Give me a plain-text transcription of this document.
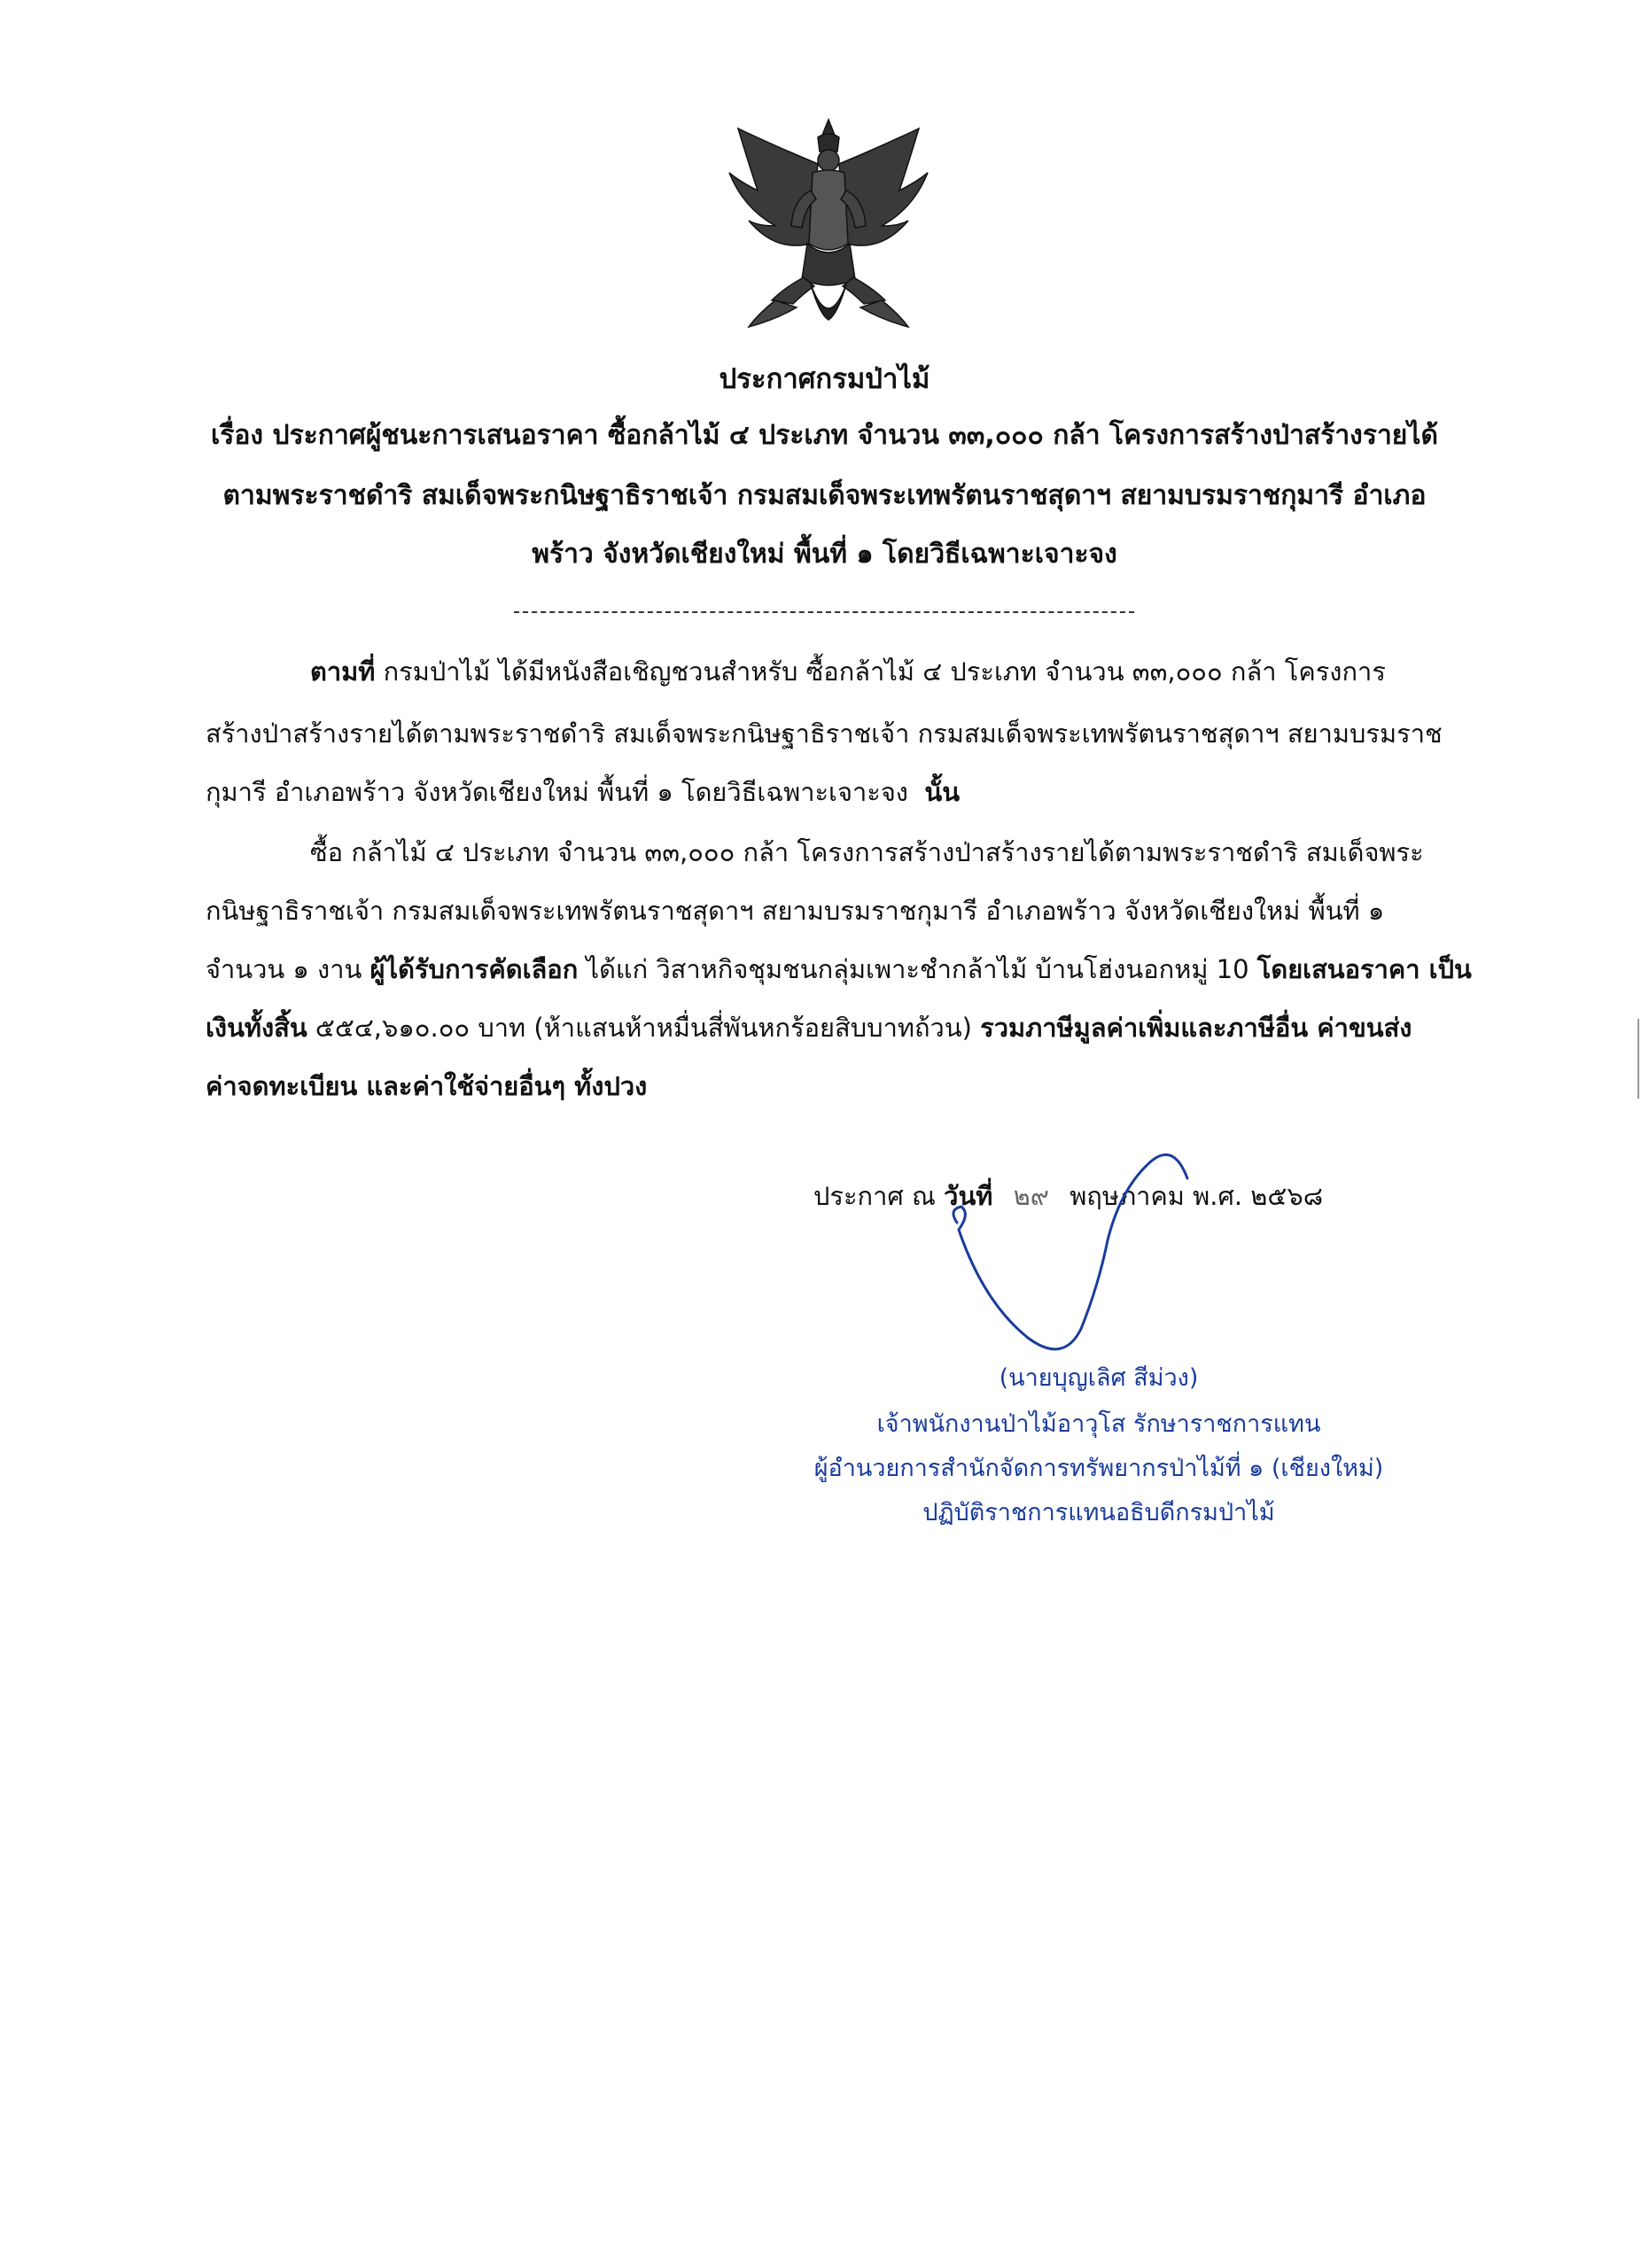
ประกาศกรมป่าไม้
เรื่อง ประกาศผู้ชนะการเสนอราคา ซื้อกล้าไม้ ๔ ประเภท จำนวน ๓๓,๐๐๐ กล้า โครงการสร้างป่าสร้างรายได้
ตามพระราชดำริ สมเด็จพระกนิษฐาธิราชเจ้า กรมสมเด็จพระเทพรัตนราชสุดาฯ สยามบรมราชกุมารี อำเภอ
พร้าว จังหวัดเชียงใหม่ พื้นที่ ๑ โดยวิธีเฉพาะเจาะจง
ตามที่ กรมป่าไม้ ได้มีหนังสือเชิญชวนสำหรับ ซื้อกล้าไม้ ๔ ประเภท จำนวน ๓๓,๐๐๐ กล้า โครงการ
สร้างป่าสร้างรายได้ตามพระราชดำริ สมเด็จพระกนิษฐาธิราชเจ้า กรมสมเด็จพระเทพรัตนราชสุดาฯ สยามบรมราช
กุมารี อำเภอพร้าว จังหวัดเชียงใหม่ พื้นที่ ๑ โดยวิธีเฉพาะเจาะจง นั้น
ซื้อ กล้าไม้ ๔ ประเภท จำนวน ๓๓,๐๐๐ กล้า โครงการสร้างป่าสร้างรายได้ตามพระราชดำริ สมเด็จพระ
กนิษฐาธิราชเจ้า กรมสมเด็จพระเทพรัตนราชสุดาฯ สยามบรมราชกุมารี อำเภอพร้าว จังหวัดเชียงใหม่ พื้นที่ ๑
จำนวน ๑ งาน ผู้ได้รับการคัดเลือก ได้แก่ วิสาหกิจชุมชนกลุ่มเพาะชำกล้าไม้ บ้านโฮ่งนอกหมู่ 10 โดยเสนอราคา เป็น
เงินทั้งสิ้น ๕๕๔,๖๑๐.๐๐ บาท (ห้าแสนห้าหมื่นสี่พันหกร้อยสิบบาทถ้วน) รวมภาษีมูลค่าเพิ่มและภาษีอื่น ค่าขนส่ง
ค่าจดทะเบียน และค่าใช้จ่ายอื่นๆ ทั้งปวง
ประกาศ ณ วันที่ ๒๙ พฤษภาคม พ.ศ. ๒๕๖๘
(นายบุญเลิศ สีม่วง)
เจ้าพนักงานป่าไม้อาวุโส รักษาราชการแทน
ผู้อำนวยการสำนักจัดการทรัพยากรป่าไม้ที่ ๑ (เชียงใหม่)
ปฏิบัติราชการแทนอธิบดีกรมป่าไม้
